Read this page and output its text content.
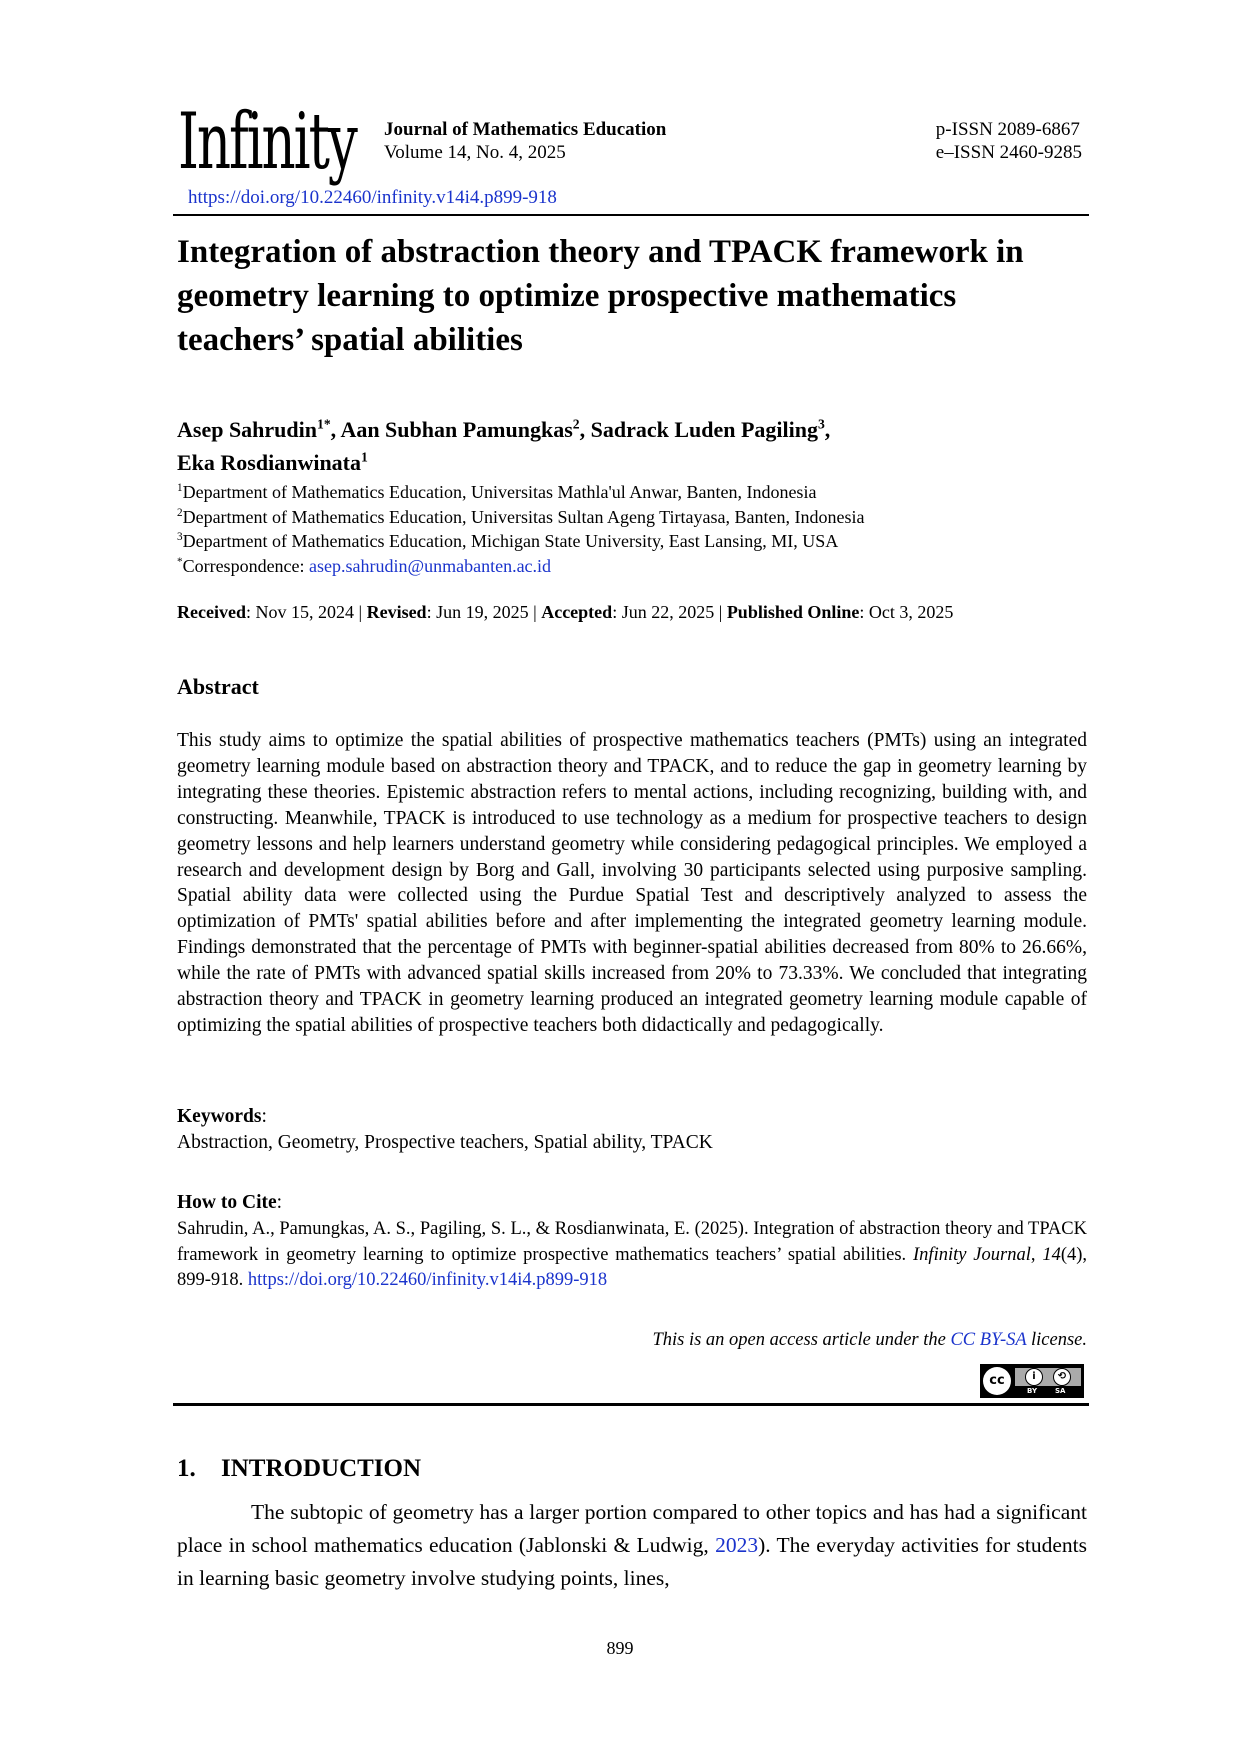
Infinity Journal of Mathematics Education
Volume 14, No. 4, 2025
p-ISSN 2089-6867
e–ISSN 2460-9285
https://doi.org/10.22460/infinity.v14i4.p899-918
Integration of abstraction theory and TPACK framework in geometry learning to optimize prospective mathematics teachers’ spatial abilities
Asep Sahrudin$^{1*}$, Aan Subhan Pamungkas$^2$, Sadrack Luden Pagiling$^3$,
Eka Rosdianwinata$^1$
$^1$Department of Mathematics Education, Universitas Mathla'ul Anwar, Banten, Indonesia
$^2$Department of Mathematics Education, Universitas Sultan Ageng Tirtayasa, Banten, Indonesia
$^3$Department of Mathematics Education, Michigan State University, East Lansing, MI, USA
*Correspondence: asep.sahrudin@unmabanten.ac.id
Received: Nov 15, 2024 | Revised: Jun 19, 2025 | Accepted: Jun 22, 2025 | Published Online: Oct 3, 2025
Abstract

This study aims to optimize the spatial abilities of prospective mathematics teachers (PMTs) using an integrated geometry learning module based on abstraction theory and TPACK, and to reduce the gap in geometry learning by integrating these theories. Epistemic abstraction refers to mental actions, including recognizing, building with, and constructing. Meanwhile, TPACK is introduced to use technology as a medium for prospective teachers to design geometry lessons and help learners understand geometry while considering pedagogical principles. We employed a research and development design by Borg and Gall, involving 30 participants selected using purposive sampling. Spatial ability data were collected using the Purdue Spatial Test and descriptively analyzed to assess the optimization of PMTs' spatial abilities before and after implementing the integrated geometry learning module. Findings demonstrated that the percentage of PMTs with beginner-spatial abilities decreased from 80% to 26.66%, while the rate of PMTs with advanced spatial skills increased from 20% to 73.33%. We concluded that integrating abstraction theory and TPACK in geometry learning produced an integrated geometry learning module capable of optimizing the spatial abilities of prospective teachers both didactically and pedagogically.

Keywords:
Abstraction, Geometry, Prospective teachers, Spatial ability, TPACK
How to Cite:

Sahrudin, A., Pamungkas, A. S., Pagiling, S. L., & Rosdianwinata, E. (2025). Integration of abstraction theory and TPACK framework in geometry learning to optimize prospective mathematics teachers’ spatial abilities. Infinity Journal, 14(4), 899-918. https://doi.org/10.22460/infinity.v14i4.p899-918

This is an open access article under the CC BY-SA license.
cc	i	⟲
BY	SA
1. INTRODUCTION

The subtopic of geometry has a larger portion compared to other topics and has had a significant place in school mathematics education (Jablonski & Ludwig, 2023). The everyday activities for students in learning basic geometry involve studying points, lines,

899
